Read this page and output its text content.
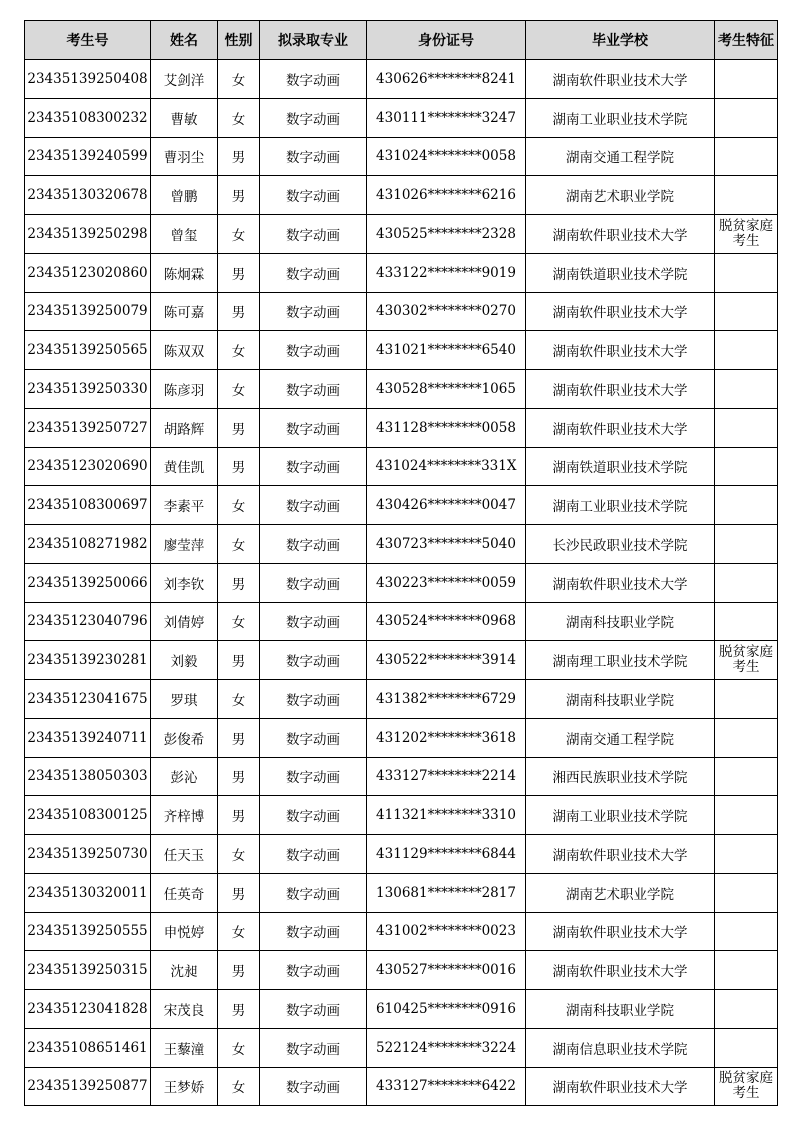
考生号	姓名	性别	拟录取专业	身份证号	毕业学校	考生特征
23435139250408	艾剑洋	女	数字动画	430626********8241	湖南软件职业技术大学	
23435108300232	曹敏	女	数字动画	430111********3247	湖南工业职业技术学院	
23435139240599	曹羽尘	男	数字动画	431024********0058	湖南交通工程学院	
23435130320678	曾鹏	男	数字动画	431026********6216	湖南艺术职业学院	
23435139250298	曾玺	女	数字动画	430525********2328	湖南软件职业技术大学	脱贫家庭考生
23435123020860	陈炯霖	男	数字动画	433122********9019	湖南铁道职业技术学院	
23435139250079	陈可嘉	男	数字动画	430302********0270	湖南软件职业技术大学	
23435139250565	陈双双	女	数字动画	431021********6540	湖南软件职业技术大学	
23435139250330	陈彦羽	女	数字动画	430528********1065	湖南软件职业技术大学	
23435139250727	胡路辉	男	数字动画	431128********0058	湖南软件职业技术大学	
23435123020690	黄佳凯	男	数字动画	431024********331X	湖南铁道职业技术学院	
23435108300697	李素平	女	数字动画	430426********0047	湖南工业职业技术学院	
23435108271982	廖莹萍	女	数字动画	430723********5040	长沙民政职业技术学院	
23435139250066	刘李钦	男	数字动画	430223********0059	湖南软件职业技术大学	
23435123040796	刘倩婷	女	数字动画	430524********0968	湖南科技职业学院	
23435139230281	刘毅	男	数字动画	430522********3914	湖南理工职业技术学院	脱贫家庭考生
23435123041675	罗琪	女	数字动画	431382********6729	湖南科技职业学院	
23435139240711	彭俊希	男	数字动画	431202********3618	湖南交通工程学院	
23435138050303	彭沁	男	数字动画	433127********2214	湘西民族职业技术学院	
23435108300125	齐梓博	男	数字动画	411321********3310	湖南工业职业技术学院	
23435139250730	任天玉	女	数字动画	431129********6844	湖南软件职业技术大学	
23435130320011	任英奇	男	数字动画	130681********2817	湖南艺术职业学院	
23435139250555	申悦婷	女	数字动画	431002********0023	湖南软件职业技术大学	
23435139250315	沈昶	男	数字动画	430527********0016	湖南软件职业技术大学	
23435123041828	宋茂良	男	数字动画	610425********0916	湖南科技职业学院	
23435108651461	王藜潼	女	数字动画	522124********3224	湖南信息职业技术学院	
23435139250877	王梦娇	女	数字动画	433127********6422	湖南软件职业技术大学	脱贫家庭考生
